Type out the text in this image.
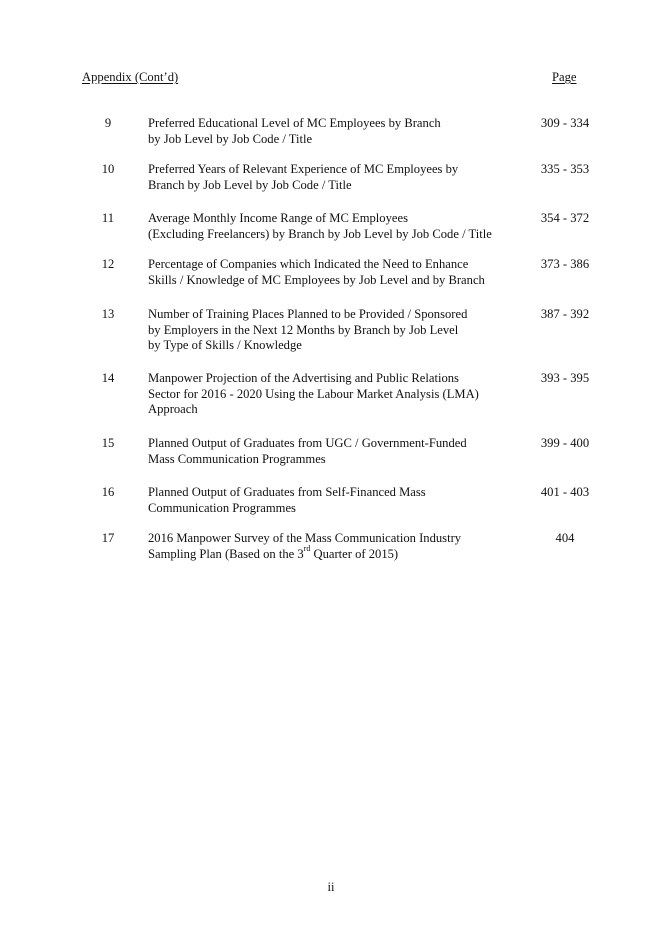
Appendix (Cont’d)	Page
9	Preferred Educational Level of MC Employees by Branch
by Job Level by Job Code / Title
309 - 334
10	Preferred Years of Relevant Experience of MC Employees by
Branch by Job Level by Job Code / Title
335 - 353
11	Average Monthly Income Range of MC Employees
(Excluding Freelancers) by Branch by Job Level by Job Code / Title
354 - 372
12	Percentage of Companies which Indicated the Need to Enhance
Skills / Knowledge of MC Employees by Job Level and by Branch
373 - 386
13	Number of Training Places Planned to be Provided / Sponsored
by Employers in the Next 12 Months by Branch by Job Level
by Type of Skills / Knowledge
387 - 392
14	Manpower Projection of the Advertising and Public Relations
Sector for 2016 - 2020 Using the Labour Market Analysis (LMA)
Approach
393 - 395
15	Planned Output of Graduates from UGC / Government-Funded
Mass Communication Programmes
399 - 400
16	Planned Output of Graduates from Self-Financed Mass
Communication Programmes
401 - 403
17	2016 Manpower Survey of the Mass Communication Industry
Sampling Plan (Based on the 3rd Quarter of 2015)
404
ii
